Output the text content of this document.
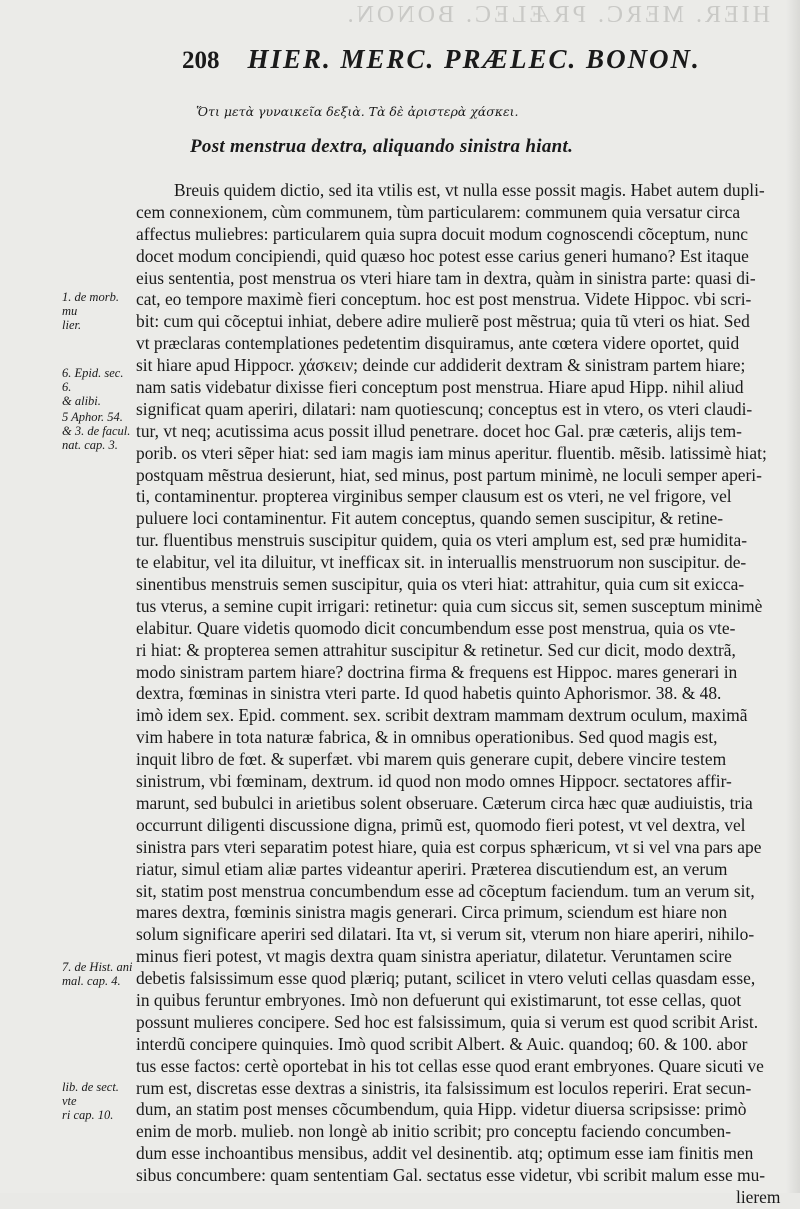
HIER. MERC. PRÆLEC. BONON.
208 HIER. MERC. PRÆLEC. BONON.
Ὅτι μετὰ γυναικεῖα δεξιὰ. Τὰ δὲ ἀριστερὰ χάσκει.
Post menstrua dextra, aliquando sinistra hiant.
Breuis quidem dictio, sed ita vtilis est, vt nulla esse possit magis. Habet autem dupli-
cem connexionem, cùm communem, tùm particularem: communem quia versatur circa
affectus muliebres: particularem quia supra docuit modum cognoscendi cõceptum, nunc
docet modum concipiendi, quid quæso hoc potest esse carius generi humano? Est itaque
eius sententia, post menstrua os vteri hiare tam in dextra, quàm in sinistra parte: quasi di-
cat, eo tempore maximè fieri conceptum. hoc est post menstrua. Videte Hippoc. vbi scri-
bit: cum qui cõceptui inhiat, debere adire mulierẽ post mẽstrua; quia tũ vteri os hiat. Sed
vt præclaras contemplationes pedetentim disquiramus, ante cœtera videre oportet, quid
sit hiare apud Hippocr. χάσκειν; deinde cur addiderit dextram & sinistram partem hiare;
nam satis videbatur dixisse fieri conceptum post menstrua. Hiare apud Hipp. nihil aliud
significat quam aperiri, dilatari: nam quotiescunq; conceptus est in vtero, os vteri claudi-
tur, vt neq; acutissima acus possit illud penetrare. docet hoc Gal. præ cæteris, alijs tem-
porib. os vteri sẽper hiat: sed iam magis iam minus aperitur. fluentib. mẽsib. latissimè hiat;
postquam mẽstrua desierunt, hiat, sed minus, post partum minimè, ne loculi semper aperi-
ti, contaminentur. propterea virginibus semper clausum est os vteri, ne vel frigore, vel
puluere loci contaminentur. Fit autem conceptus, quando semen suscipitur, & retine-
tur. fluentibus menstruis suscipitur quidem, quia os vteri amplum est, sed præ humidita-
te elabitur, vel ita diluitur, vt inefficax sit. in interuallis menstruorum non suscipitur. de-
sinentibus menstruis semen suscipitur, quia os vteri hiat: attrahitur, quia cum sit exicca-
tus vterus, a semine cupit irrigari: retinetur: quia cum siccus sit, semen susceptum minimè
elabitur. Quare videtis quomodo dicit concumbendum esse post menstrua, quia os vte-
ri hiat: & propterea semen attrahitur suscipitur & retinetur. Sed cur dicit, modo dextrã,
modo sinistram partem hiare? doctrina firma & frequens est Hippoc. mares generari in
dextra, fœminas in sinistra vteri parte. Id quod habetis quinto Aphorismor. 38. & 48.
imò idem sex. Epid. comment. sex. scribit dextram mammam dextrum oculum, maximã
vim habere in tota naturæ fabrica, & in omnibus operationibus. Sed quod magis est,
inquit libro de fœt. & superfæt. vbi marem quis generare cupit, debere vincire testem
sinistrum, vbi fœminam, dextrum. id quod non modo omnes Hippocr. sectatores affir-
marunt, sed bubulci in arietibus solent obseruare. Cæterum circa hæc quæ audiuistis, tria
occurrunt diligenti discussione digna, primũ est, quomodo fieri potest, vt vel dextra, vel
sinistra pars vteri separatim potest hiare, quia est corpus sphæricum, vt si vel vna pars ape
riatur, simul etiam aliæ partes videantur aperiri. Præterea discutiendum est, an verum
sit, statim post menstrua concumbendum esse ad cõceptum faciendum. tum an verum sit,
mares dextra, fœminis sinistra magis generari. Circa primum, sciendum est hiare non
solum significare aperiri sed dilatari. Ita vt, si verum sit, vterum non hiare aperiri, nihilo-
minus fieri potest, vt magis dextra quam sinistra aperiatur, dilatetur. Veruntamen scire
debetis falsissimum esse quod plæriq; putant, scilicet in vtero veluti cellas quasdam esse,
in quibus feruntur embryones. Imò non defuerunt qui existimarunt, tot esse cellas, quot
possunt mulieres concipere. Sed hoc est falsissimum, quia si verum est quod scribit Arist.
interdũ concipere quinquies. Imò quod scribit Albert. & Auic. quandoq; 60. & 100. abor
tus esse factos: certè oportebat in his tot cellas esse quod erant embryones. Quare sicuti ve
rum est, discretas esse dextras a sinistris, ita falsissimum est loculos reperiri. Erat secun-
dum, an statim post menses cõcumbendum, quia Hipp. videtur diuersa scripsisse: primò
enim de morb. mulieb. non longè ab initio scribit; pro conceptu faciendo concumben-
dum esse inchoantibus mensibus, addit vel desinentib. atq; optimum esse iam finitis men
sibus concumbere: quam sententiam Gal. sectatus esse videtur, vbi scribit malum esse mu-
lierem
1. de morb. mu
lier.
6. Epid. sec. 6.
& alibi.
5 Aphor. 54.
& 3. de facul.
nat. cap. 3.
7. de Hist. ani
mal. cap. 4.
lib. de sect. vte
ri cap. 10.
